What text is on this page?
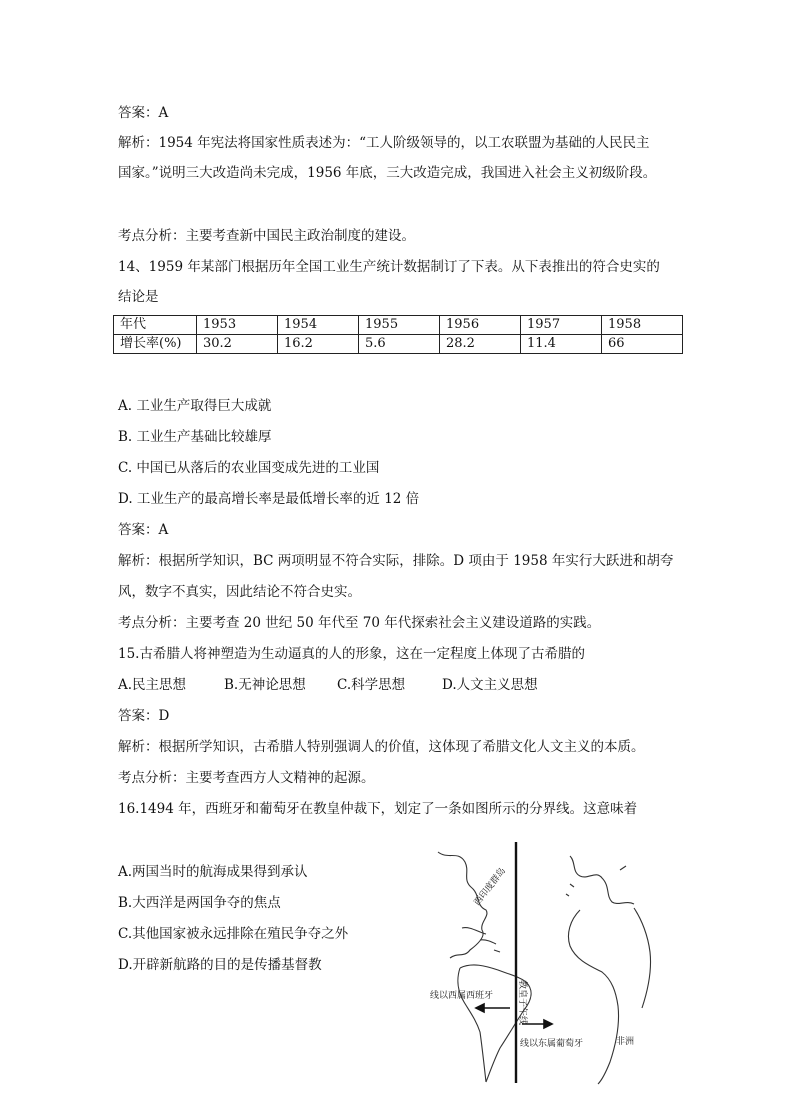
答案：A
解析：1954 年宪法将国家性质表述为：“工人阶级领导的，以工农联盟为基础的人民民主
国家。”说明三大改造尚未完成，1956 年底，三大改造完成，我国进入社会主义初级阶段。
考点分析：主要考查新中国民主政治制度的建设。
14、1959 年某部门根据历年全国工业生产统计数据制订了下表。从下表推出的符合史实的
结论是
年代	1953	1954	1955	1956	1957	1958
增长率(%)	30.2	16.2	5.6	28.2	11.4	66
A. 工业生产取得巨大成就
B. 工业生产基础比较雄厚
C. 中国已从落后的农业国变成先进的工业国
D. 工业生产的最高增长率是最低增长率的近 12 倍
答案：A
解析：根据所学知识，BC 两项明显不符合实际，排除。D 项由于 1958 年实行大跃进和胡夸
风，数字不真实，因此结论不符合史实。
考点分析：主要考查 20 世纪 50 年代至 70 年代探索社会主义建设道路的实践。
15.古希腊人将神塑造为生动逼真的人的形象，这在一定程度上体现了古希腊的
A.民主思想	B.无神论思想 C.科学思想	D.人文主义思想
答案：D
解析：根据所学知识，古希腊人特别强调人的价值，这体现了希腊文化人文主义的本质。
考点分析：主要考查西方人文精神的起源。
16.1494 年，西班牙和葡萄牙在教皇仲裁下，划定了一条如图所示的分界线。这意味着
A.两国当时的航海成果得到承认
B.大西洋是两国争夺的焦点
C.其他国家被永远排除在殖民争夺之外
D.开辟新航路的目的是传播基督教
西印度群岛
线以西属西班牙
线以东属葡萄牙
教皇子午线
非洲
